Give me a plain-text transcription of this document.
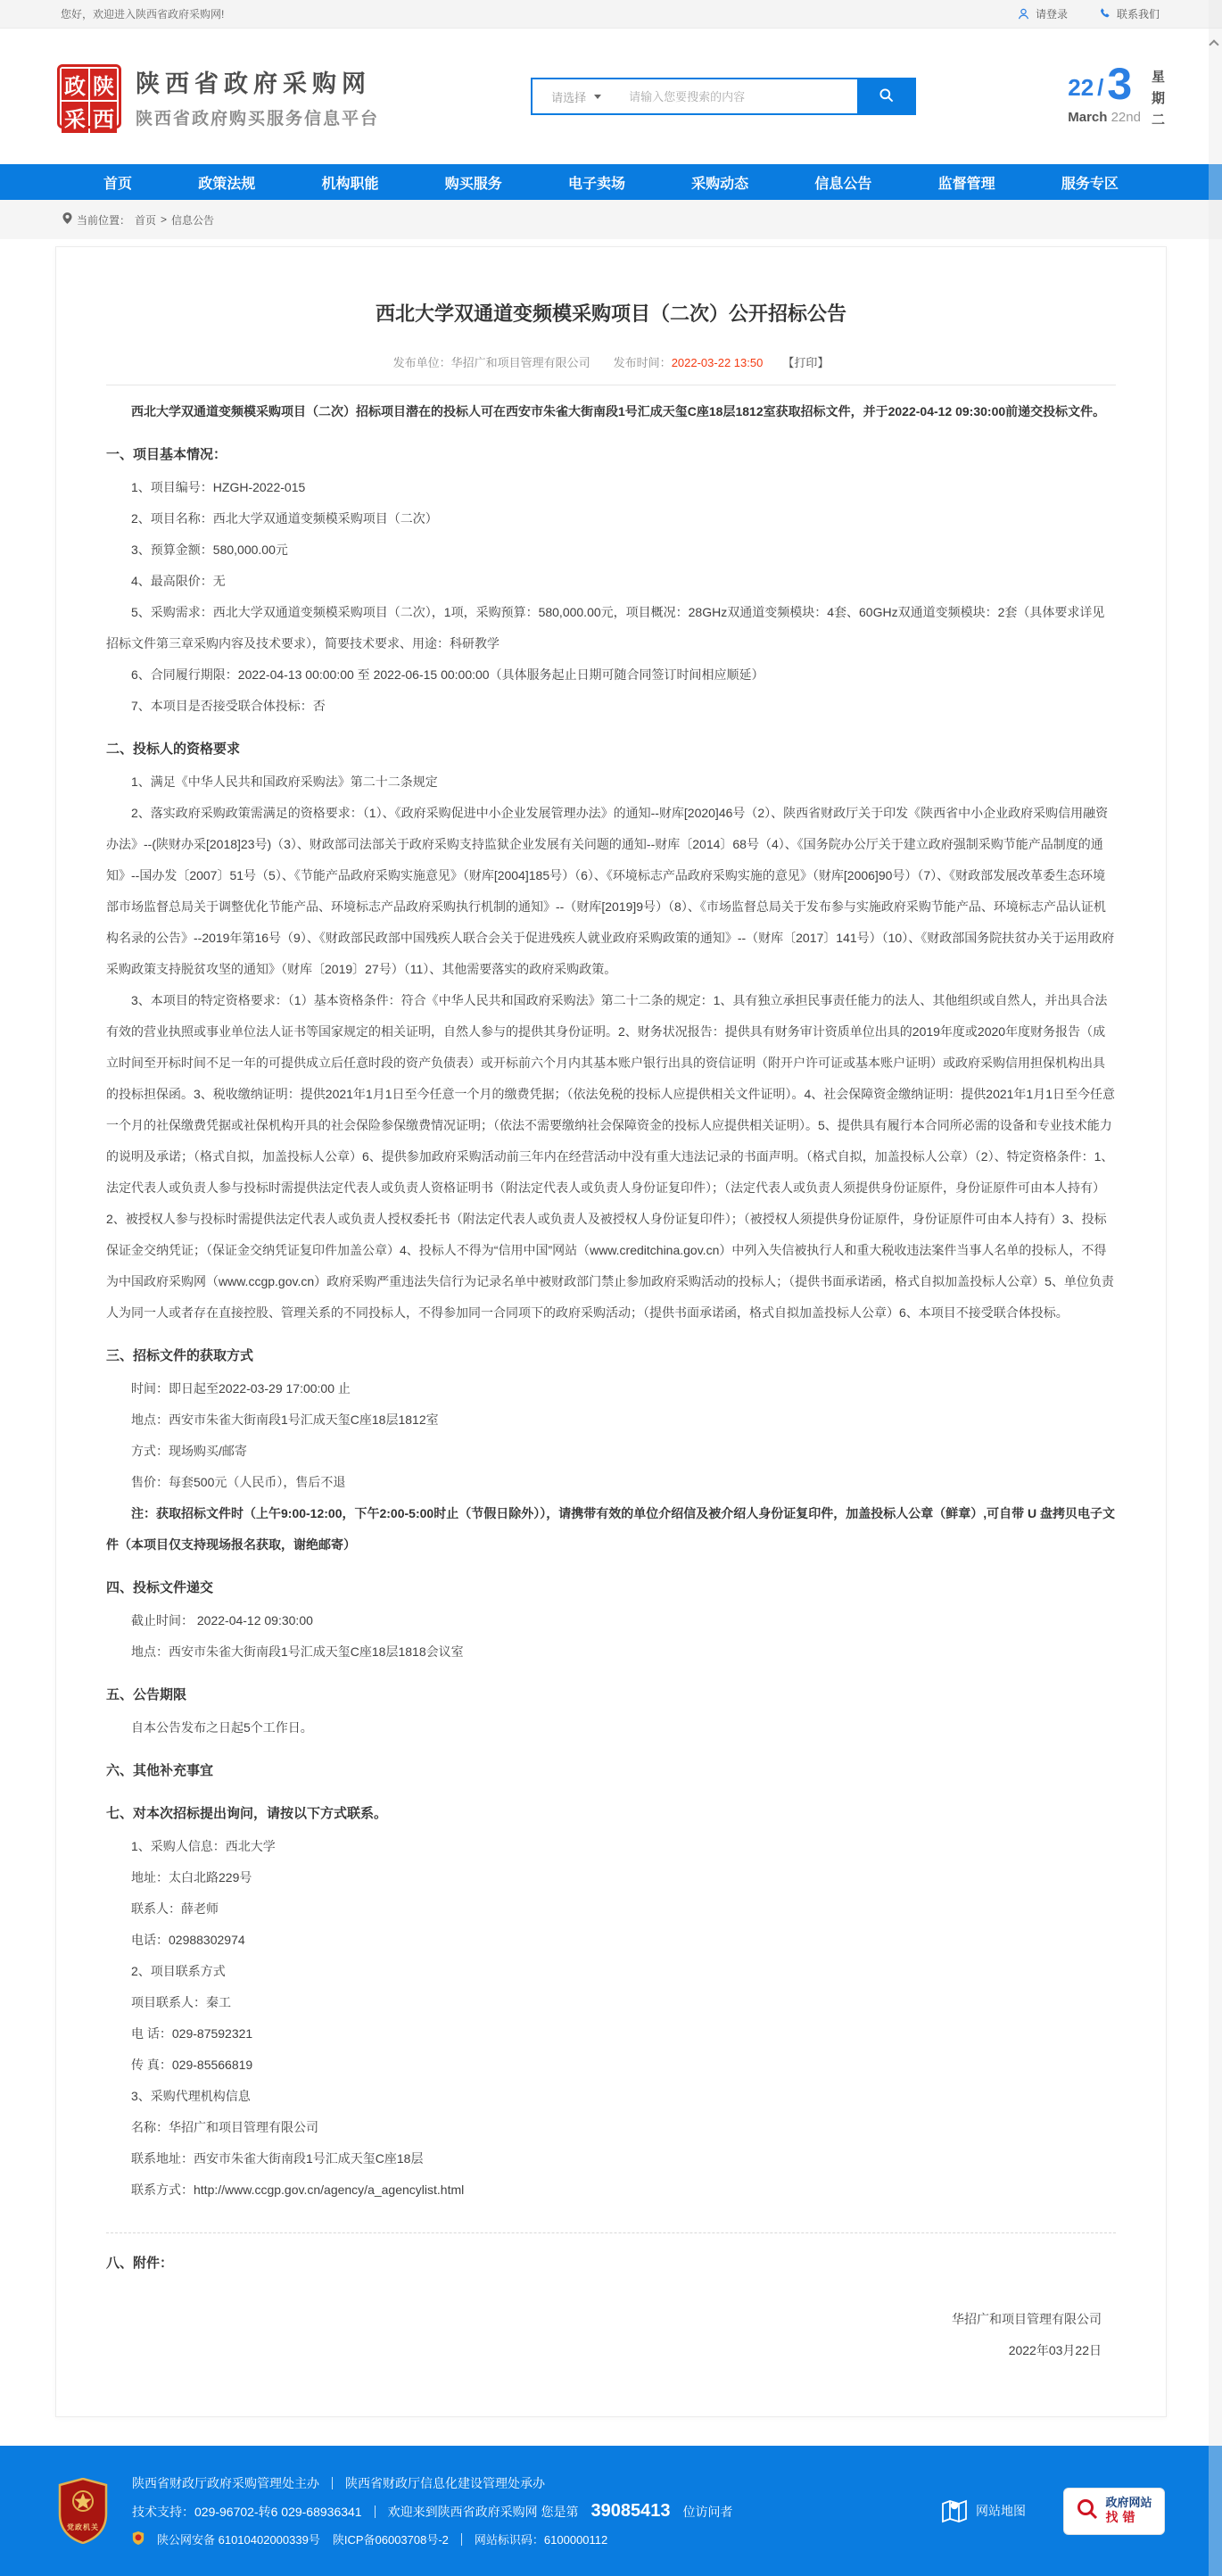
您好，欢迎进入陕西省政府采购网!	请登录	联系我们
政 陕
采 西
陕西省政府采购网
陕西省政府购买服务信息平台
请选择
请输入您要搜索的内容	22 / 3
March 22nd
星
期
二
首页	政策法规	机构职能	购买服务	电子卖场	采购动态	信息公告	监督管理	服务专区
当前位置： 首页 > 信息公告
西北大学双通道变频模采购项目（二次）公开招标公告
发布单位：华招广和项目管理有限公司 发布时间：2022-03-22 13:50 【打印】

西北大学双通道变频模采购项目（二次）招标项目潜在的投标人可在西安市朱雀大街南段1号汇成天玺C座18层1812室获取招标文件，并于2022-04-12 09:30:00前递交投标文件。

一、项目基本情况：

1、项目编号：HZGH-2022-015

2、项目名称：西北大学双通道变频模采购项目（二次）

3、预算金额：580,000.00元

4、最高限价：无

5、采购需求：西北大学双通道变频模采购项目（二次），1项，采购预算：580,000.00元，项目概况：28GHz双通道变频模块：4套、60GHz双通道变频模块：2套（具体要求详见招标文件第三章采购内容及技术要求），简要技术要求、用途：科研教学

6、合同履行期限：2022-04-13 00:00:00 至 2022-06-15 00:00:00（具体服务起止日期可随合同签订时间相应顺延）

7、本项目是否接受联合体投标：否

二、投标人的资格要求

1、满足《中华人民共和国政府采购法》第二十二条规定

2、落实政府采购政策需满足的资格要求：（1）、《政府采购促进中小企业发展管理办法》的通知--财库[2020]46号（2）、陕西省财政厅关于印发《陕西省中小企业政府采购信用融资办法》--(陕财办采[2018]23号)（3）、财政部司法部关于政府采购支持监狱企业发展有关问题的通知--财库〔2014〕68号（4）、《国务院办公厅关于建立政府强制采购节能产品制度的通知》--国办发〔2007〕51号（5）、《节能产品政府采购实施意见》（财库[2004]185号）（6）、《环境标志产品政府采购实施的意见》（财库[2006]90号）（7）、《财政部发展改革委生态环境部市场监督总局关于调整优化节能产品、环境标志产品政府采购执行机制的通知》--（财库[2019]9号）（8）、《市场监督总局关于发布参与实施政府采购节能产品、环境标志产品认证机构名录的公告》--2019年第16号（9）、《财政部民政部中国残疾人联合会关于促进残疾人就业政府采购政策的通知》--（财库〔2017〕141号）（10）、《财政部国务院扶贫办关于运用政府采购政策支持脱贫攻坚的通知》（财库〔2019〕27号）（11）、其他需要落实的政府采购政策。

3、本项目的特定资格要求：（1）基本资格条件：符合《中华人民共和国政府采购法》第二十二条的规定：1、具有独立承担民事责任能力的法人、其他组织或自然人，并出具合法有效的营业执照或事业单位法人证书等国家规定的相关证明，自然人参与的提供其身份证明。2、财务状况报告：提供具有财务审计资质单位出具的2019年度或2020年度财务报告（成立时间至开标时间不足一年的可提供成立后任意时段的资产负债表）或开标前六个月内其基本账户银行出具的资信证明（附开户许可证或基本账户证明）或政府采购信用担保机构出具的投标担保函。3、税收缴纳证明：提供2021年1月1日至今任意一个月的缴费凭据；（依法免税的投标人应提供相关文件证明）。4、社会保障资金缴纳证明：提供2021年1月1日至今任意一个月的社保缴费凭据或社保机构开具的社会保险参保缴费情况证明；（依法不需要缴纳社会保障资金的投标人应提供相关证明）。5、提供具有履行本合同所必需的设备和专业技术能力的说明及承诺；（格式自拟，加盖投标人公章）6、提供参加政府采购活动前三年内在经营活动中没有重大违法记录的书面声明。（格式自拟，加盖投标人公章）（2）、特定资格条件：1、法定代表人或负责人参与投标时需提供法定代表人或负责人资格证明书（附法定代表人或负责人身份证复印件）；（法定代表人或负责人须提供身份证原件，身份证原件可由本人持有）2、被授权人参与投标时需提供法定代表人或负责人授权委托书（附法定代表人或负责人及被授权人身份证复印件）；（被授权人须提供身份证原件，身份证原件可由本人持有）3、投标保证金交纳凭证；（保证金交纳凭证复印件加盖公章）4、投标人不得为“信用中国”网站（www.creditchina.gov.cn）中列入失信被执行人和重大税收违法案件当事人名单的投标人，不得为中国政府采购网（www.ccgp.gov.cn）政府采购严重违法失信行为记录名单中被财政部门禁止参加政府采购活动的投标人；（提供书面承诺函，格式自拟加盖投标人公章）5、单位负责人为同一人或者存在直接控股、管理关系的不同投标人，不得参加同一合同项下的政府采购活动；（提供书面承诺函，格式自拟加盖投标人公章）6、本项目不接受联合体投标。

三、招标文件的获取方式

时间：即日起至2022-03-29 17:00:00 止

地点：西安市朱雀大街南段1号汇成天玺C座18层1812室

方式：现场购买/邮寄

售价：每套500元（人民币），售后不退

注：获取招标文件时（上午9:00-12:00，下午2:00-5:00时止（节假日除外）），请携带有效的单位介绍信及被介绍人身份证复印件，加盖投标人公章（鲜章）,可自带 U 盘拷贝电子文件（本项目仅支持现场报名获取，谢绝邮寄）

四、投标文件递交

截止时间： 2022-04-12 09:30:00

地点：西安市朱雀大街南段1号汇成天玺C座18层1818会议室

五、公告期限

自本公告发布之日起5个工作日。

六、其他补充事宜

七、对本次招标提出询问，请按以下方式联系。

1、采购人信息：西北大学

地址：太白北路229号

联系人：薛老师

电话：02988302974

2、项目联系方式

项目联系人：秦工

电 话：029-87592321

传 真：029-85566819

3、采购代理机构信息

名称：华招广和项目管理有限公司

联系地址：西安市朱雀大街南段1号汇成天玺C座18层

联系方式：http://www.ccgp.gov.cn/agency/a_agencylist.html

八、附件：

华招广和项目管理有限公司
2022年03月22日
党政机关
陕西省财政厅政府采购管理处主办 陕西省财政厅信息化建设管理处承办
技术支持：029-96702-转6 029-68936341 欢迎来到陕西省政府采购网 您是第 39085413 位访问者
陕公网安备 61010402000339号 陕ICP备06003708号-2 网站标识码：6100000112
网站地图
政府网站
找错
